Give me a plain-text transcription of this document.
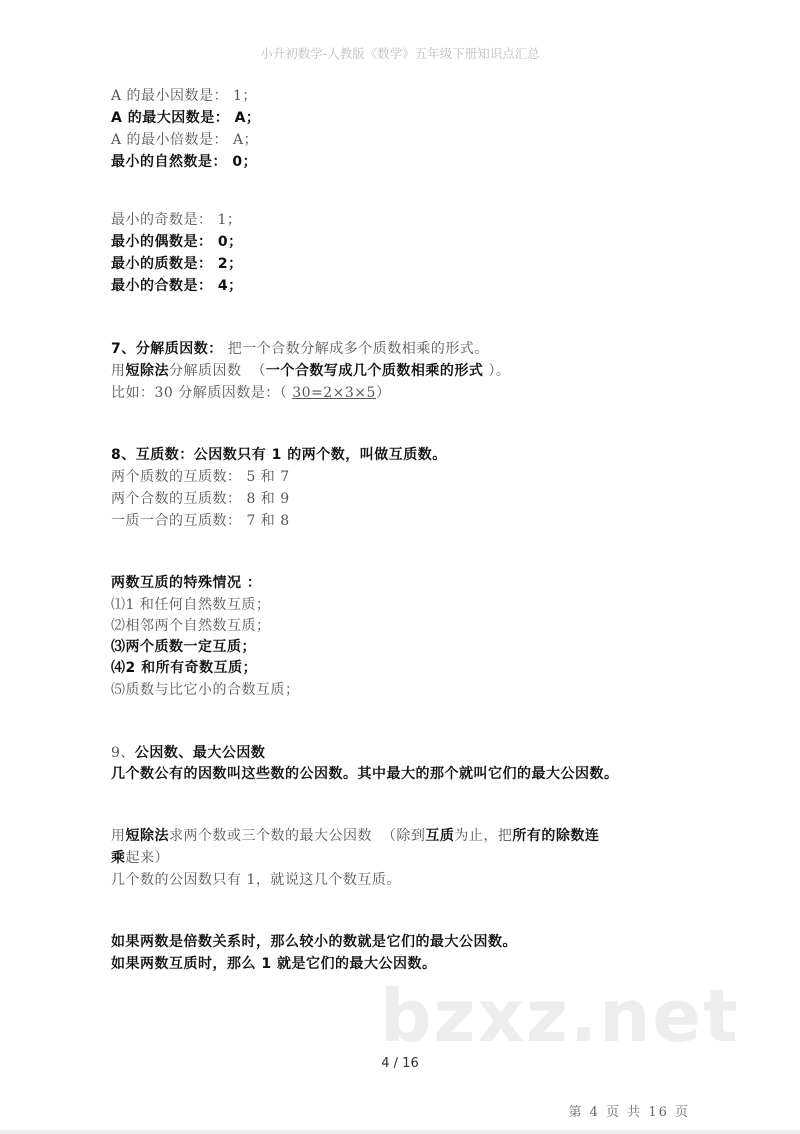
小升初数学-人教版《数学》五年级下册知识点汇总
A 的最小因数是： 1；
A 的最大因数是： A；
A 的最小倍数是： A；
最小的自然数是： 0；
最小的奇数是： 1；
最小的偶数是： 0；
最小的质数是： 2；
最小的合数是： 4；
7、分解质因数： 把一个合数分解成多个质数相乘的形式。
用短除法分解质因数  （一个合数写成几个质数相乘的形式 ）。
比如：30 分解质因数是：（ 30=2×3×5）
8、互质数：公因数只有 1 的两个数，叫做互质数。
两个质数的互质数： 5 和 7
两个合数的互质数： 8 和 9
一质一合的互质数： 7 和 8
两数互质的特殊情况 ：
⑴1 和任何自然数互质；
⑵相邻两个自然数互质；
⑶两个质数一定互质；
⑷2 和所有奇数互质；
⑸质数与比它小的合数互质；
9、公因数、最大公因数
几个数公有的因数叫这些数的公因数。其中最大的那个就叫它们的最大公因数。
用短除法求两个数或三个数的最大公因数  （除到互质为止，把所有的除数连
乘起来）
几个数的公因数只有 1，就说这几个数互质。
如果两数是倍数关系时，那么较小的数就是它们的最大公因数。
如果两数互质时，那么 1 就是它们的最大公因数。
bzxz.net
4 / 16
第 4 页 共 16 页
